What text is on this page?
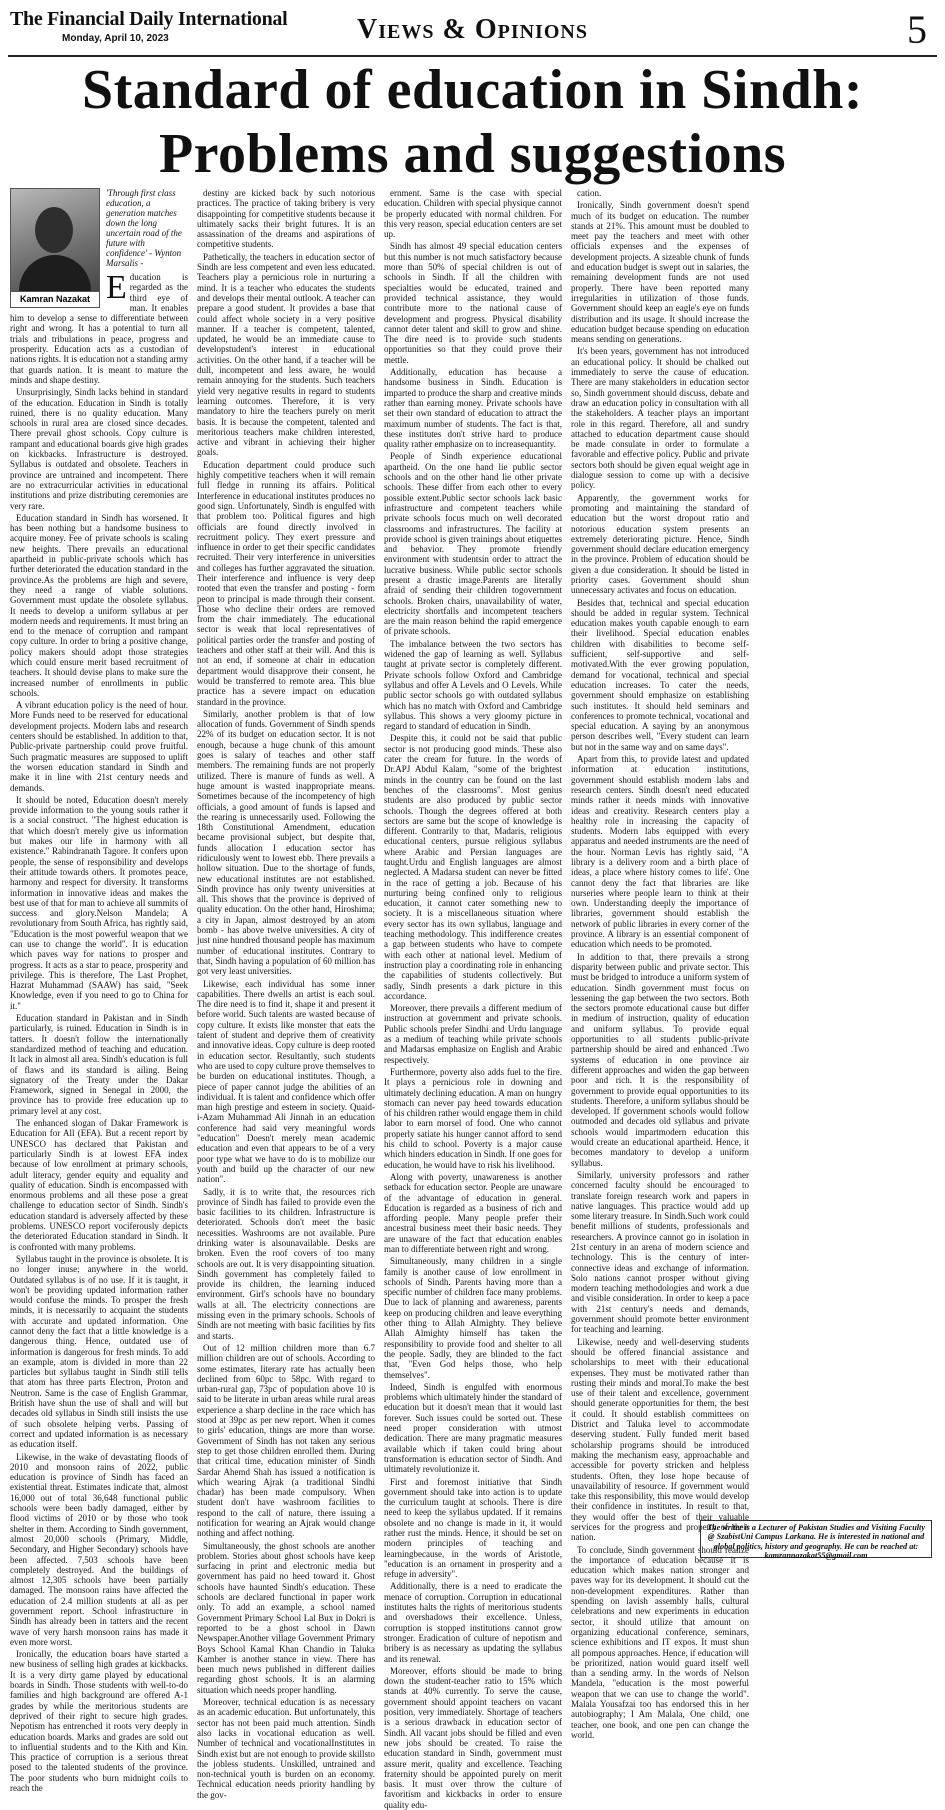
The Financial Daily International
Monday, April 10, 2023	Views & Opinions	5
Standard of education in Sindh:
Problems and suggestions
Kamran Nazakat
'Through first class education, a generation matches down the long uncertain road of the future with confidence' - Wynton Marsalis -

Education is regarded as the third eye of man. It enables him to develop a sense to differentiate between right and wrong. It has a potential to turn all trials and tribulations in peace, progress and prosperity. Education acts as a custodian of nations rights. It is education not a standing army that guards nation. It is meant to mature the minds and shape destiny.

Unsurprisingly, Sindh lacks behind in standard of the education. Education in Sindh is totally ruined, there is no quality education. Many schools in rural area are closed since decades. There prevail ghost schools. Copy culture is rampant and educational boards give high grades on kickbacks. Infrastructure is destroyed. Syllabus is outdated and obsolete. Teachers in province are untrained and incompetent. There are no extracurricular activities in educational institutions and prize distributing ceremonies are very rare.

Education standard in Sindh has worsened. It has been nothing but a handsome business to acquire money. Fee of private schools is scaling new heights. There prevails an educational apartheid in public-private schools which has further deteriorated the education standard in the province.As the problems are high and severe, they need a range of viable solutions. Government must update the obsolete syllabus. It needs to develop a uniform syllabus at per modern needs and requirements. It must bring an end to the menace of corruption and rampant copy culture. In order to bring a positive change, policy makers should adopt those strategies which could ensure merit based recruitment of teachers. It should devise plans to make sure the increased number of enrollments in public schools.

A vibrant education policy is the need of hour. More Funds need to be reserved for educational development projects. Modern labs and research centers should be established. In addition to that, Public-private partnership could prove fruitful. Such pragmatic measures are supposed to uplift the worsen education standard in Sindh and make it in line with 21st century needs and demands.

It should be noted, Education doesn't merely provide information to the young souls rather it is a social construct. "The highest education is that which doesn't merely give us information but makes our life in harmony with all existence." Rabindranath Tagore. It confers upon people, the sense of responsibility and develops their attitude towards others. It promotes peace, harmony and respect for diversity. It transforms information in innovative ideas and makes the best use of that for man to achieve all summits of success and glory.Nelson Mandela; A revolutionary from South Africa, has rightly said, "Education is the most powerful weapon that we can use to change the world". It is education which paves way for nations to prosper and progress. It acts as a star to peace, prosperity and privilege. This is therefore, The Last Prophet, Hazrat Muhammad (SAAW) has said, "Seek Knowledge, even if you need to go to China for it."

Education standard in Pakistan and in Sindh particularly, is ruined. Education in Sindh is in tatters. It doesn't follow the internationally standardized method of teaching and education. It lack in almost all area. Sindh's education is full of flaws and its standard is ailing. Being signatory of the Treaty under the Dakar Framework, signed in Senegal in 2000, the province has to provide free education up to primary level at any cost.

The enhanced slogan of Dakar Framework is Education for All (EFA). But a recent report by UNESCO has declared that Pakistan and particularly Sindh is at lowest EFA index because of low enrollment at primary schools, adult literacy, gender equity and equality and quality of education. Sindh is encompassed with enormous problems and all these pose a great challenge to education sector of Sindh. Sindh's education standard is adversely affected by these problems. UNESCO report vociferously depicts the deteriorated Education standard in Sindh. It is confronted with many problems.

Syllabus taught in the province is obsolete. It is no longer inuse; anywhere in the world. Outdated syllabus is of no use. If it is taught, it won't be providing updated information rather would confuse the minds. To prosper the fresh minds, it is necessarily to acquaint the students with accurate and updated information. One cannot deny the fact that a little knowledge is a dangerous thing. Hence, outdated use of information is dangerous for fresh minds. To add an example, atom is divided in more than 22 particles but syllabus taught in Sindh still tells that atom has three parts Electron, Proton and Neutron. Same is the case of English Grammar, British have shun the use of shall and will but decades old syllabus in Sindh still insists the use of such obsolete helping verbs. Passing of correct and updated information is as necessary as education itself.

Likewise, in the wake of devastating floods of 2010 and monsoon rains of 2022, public education is province of Sindh has faced an existential threat. Estimates indicate that, almost 16,000 out of total 36,648 functional public schools were been badly damaged, either by flood victims of 2010 or by those who took shelter in them. According to Sindh government, almost 20,000 schools (Primary, Middle, Secondary, and Higher Secondary) schools have been affected. 7,503 schools have been completely destroyed. And the buildings of almost 12,305 schools have been partially damaged. The monsoon rains have affected the education of 2.4 million students at all as per government report. School infrastructure in Sindh has already been in tatters and the recent wave of very harsh monsoon rains has made it even more worst.

Ironically, the education boars have started a new business of selling high grades at kickbacks. It is a very dirty game played by educational boards in Sindh. Those students with well-to-do families and high background are offered A-1 grades by while the meritorious students are deprived of their right to secure high grades. Nepotism has entrenched it roots very deeply in education boards. Marks and grades are sold out to influential students and to the Kith and Kin. This practice of corruption is a serious threat posed to the talented students of the province. The poor students who burn midnight coils to reach the

destiny are kicked back by such notorious practices. The practice of taking bribery is very disappointing for competitive students because it ultimately sacks their bright futures. It is an assassination of the dreams and aspirations of competitive students.

Pathetically, the teachers in education sector of Sindh are less competent and even less educated. Teachers play a pernicious role in nurturing a mind. It is a teacher who educates the students and develops their mental outlook. A teacher can prepare a good student. It provides a base that could affect whole society in a very positive manner. If a teacher is competent, talented, updated, he would be an immediate cause to developstudent's interest in educational activities. On the other hand, if a teacher will be dull, incompetent and less aware, he would remain annoying for the students. Such teachers yield very negative results in regard to students learning outcomes. Therefore, it is very mandatory to hire the teachers purely on merit basis. It is because the competent, talented and meritorious teachers make children interested, active and vibrant in achieving their higher goals.

Education department could produce such highly competitive teachers when it will remain full fledge in running its affairs. Political Interference in educational institutes produces no good sign. Unfortunately, Sindh is engulfed with that problem too. Political figures and high officials are found directly involved in recruitment policy. They exert pressure and influence in order to get their specific candidates recruited. Their very interference in universities and colleges has further aggravated the situation. Their interference and influence is very deep rooted that even the transfer and posting - form peon to principal is made through their consent. Those who decline their orders are removed from the chair immediately. The educational sector is weak that local representatives of political parties order the transfer and posting of teachers and other staff at their will. And this is not an end, if someone at chair in education department would disapprove their consent, he would be transferred to remote area. This blue practice has a severe impact on education standard in the province.

Similarly, another problem is that of low allocation of funds. Government of Sindh spends 22% of its budget on education sector. It is not enough, because a huge chunk of this amount goes is salary of teaches and other staff members. The remaining funds are not properly utilized. There is manure of funds as well. A huge amount is wasted inappropriate means. Sometimes because of the incompetency of high officials, a good amount of funds is lapsed and the rearing is unnecessarily used. Following the 18th Constitutional Amendment, education became provisional subject, but despite that, funds allocation I education sector has ridiculously went to lowest ebb. There prevails a hollow situation. Due to the shortage of funds, new educational institutes are not established. Sindh province has only twenty universities at all. This shows that the province is deprived of quality education. On the other hand, Hiroshima; a city in Japan, almost destroyed by an atom bomb - has above twelve universities. A city of just nine hundred thousand people has maximum number of educational institutes. Contrary to that, Sindh having a population of 60 million has got very least universities.

Likewise, each individual has some inner capabilities. There dwells an artist is each soul. The dire need is to find it, shape it and present it before world. Such talents are wasted because of copy culture. It exists like monster that eats the talent of student and deprive them of creativity and innovative ideas. Copy culture is deep rooted in education sector. Resultantly, such students who are used to copy culture prove themselves to be burden on educational institutes. Though, a piece of paper cannot judge the abilities of an individual. It is talent and confidence which offer man high prestige and esteem in society. Quaid-i-Azam Muhammad Ali Jinnah in an education conference had said very meaningful words "education" Doesn't merely mean academic education and even that appears to be of a very poor type what we have to do is to mobilize our youth and build up the character of our new nation".

Sadly, it is to write that, the resources rich province of Sindh has failed to provide even the basic facilities to its children. Infrastructure is deteriorated. Schools don't meet the basic necessities. Washrooms are not available. Pure drinking water is alsounavailable. Desks are broken. Even the roof covers of too many schools are out. It is very disappointing situation. Sindh government has completely failed to provide its children, the learning induced environment. Girl's schools have no boundary walls at all. The electricity connections are missing even in the primary schools. Schools of Sindh are not meeting with basic facilities by fits and starts.

Out of 12 million children more than 6.7 million children are out of schools. According to some estimates, literary rate has actually been declined from 60pc to 58pc. With regard to urban-rural gap, 73pc of population above 10 is said to be literate in urban areas while rural areas experience a sharp decline in the race which has stood at 39pc as per new report. When it comes to girls' education, things are more than worse. Government of Sindh has not taken any serious step to get those children enrolled them. During that critical time, education minister of Sindh Sardar Ahemd Shah has issued a notification is which wearing Ajrak (a traditional Sindhi chadar) has been made compulsory. When student don't have washroom facilities to respond to the call of nature, there issuing a notification for wearing an Ajrak would change nothing and affect nothing.

Simultaneously, the ghost schools are another problem. Stories about ghost schools have keep surfacing in print and electronic media but government has paid no heed toward it. Ghost schools have haunted Sindh's education. These schools are declared functional in paper work only. To add an example, a school named Government Primary School Lal Bux in Dokri is reported to be a ghost school in Dawn Newspaper.Another village Government Primary Boys School Kamal Khan Chandio in Taluka Kamber is another stance in view. There has been much news published in different dailies regarding ghost schools. It is an alarming situation which needs proper handling.

Moreover, technical education is as necessary as an academic education. But unfortunately, this sector has not been paid much attention. Sindh also lacks in vocational education as well. Number of technical and vocationalInstitutes in Sindh exist but are not enough to provide skillsto the jobless students. Unskilled, untrained and non-technical youth is burden on an economy. Technical education needs priority handling by the gov-

ernment. Same is the case with special education. Children with special physique cannot be properly educated with normal children. For this very reason, special education centers are set up.

Sindh has almost 49 special education centers but this number is not much satisfactory because more than 50% of special children is out of schools in Sindh. If all the children with specialties would be educated, trained and provided technical assistance, they would contribute more to the national cause of development and progress. Physical disability cannot deter talent and skill to grow and shine. The dire need is to provide such students opportunities so that they could prove their mettle.

Additionally, education has because a handsome business in Sindh. Education is imparted to produce the sharp and creative minds rather than earning money. Private schools have set their own standard of education to attract the maximum number of students. The fact is that, these institutes don't strive hard to produce quality rather emphasize on to increasequantity.

People of Sindh experience educational apartheid. On the one hand lie public sector schools and on the other hand lie other private schools. These differ from each other to every possible extent.Public sector schools lack basic infrastructure and competent teachers while private schools focus much on well decorated classrooms and infrastructures. The facility at provide school is given trainings about etiquettes and behavior. They promote friendly environment with studentsin order to attract the lucrative business. While public sector schools present a drastic image.Parents are literally afraid of sending their children togovernment schools. Broken chairs, unavailability of water, electricity shortfalls and incompetent teachers are the main reason behind the rapid emergence of private schools.

The imbalance between the two sectors has widened the gap of learning as well. Syllabus taught at private sector is completely different. Private schools follow Oxford and Cambridge syllabus and offer A Levels and O Levels. While public sector schools go with outdated syllabus which has no match with Oxford and Cambridge syllabus. This shows a very gloomy picture in regard to standard of education in Sindh.

Despite this, it could not be said that public sector is not producing good minds. These also cater the cream for future. In the words of Dr.APJ Abdul Kalam, "some of the brightest minds in the country can be found on the last benches of the classrooms". Most genius students are also produced by public sector schools. Though the degrees offered at both sectors are same but the scope of knowledge is different. Contrarily to that, Madaris, religious educational centers, pursue religious syllabus where Arabic and Persian languages are taught.Urdu and English languages are almost neglected. A Madarsa student can never be fitted in the race of getting a job. Because of his nurturing being confined only to religious education, it cannot cater something new to society. It is a miscellaneous situation where every sector has its own syllabus, language and teaching methodology. This indifference creates a gap between students who have to compete with each other at national level. Medium of instruction play a coordinating role in enhancing the capabilities of students collectively. But sadly, Sindh presents a dark picture in this accordance.

Moreover, there prevails a different medium of instruction at government and private schools. Public schools prefer Sindhi and Urdu language as a medium of teaching while private schools and Madarsas emphasize on English and Arabic respectively.

Furthermore, poverty also adds fuel to the fire. It plays a pernicious role in downing and ultimately declining education. A man on hungry stomach can never pay heed towards education of his children rather would engage them in child labor to earn morsel of food. One who cannot properly satiate his hunger cannot afford to send his child to school. Poverty is a major cause which hinders education in Sindh. If one goes for education, he would have to risk his livelihood.

Along with poverty, unawareness is another setback for education sector. People are unaware of the advantage of education in general. Education is regarded as a business of rich and affording people. Many people prefer their ancestral business meet their basic needs. They are unaware of the fact that education enables man to differentiate between right and wrong.

Simultaneously, many children in a single family is another cause of low enrollment in schools of Sindh. Parents having more than a specific number of children face many problems. Due to lack of planning and awareness, parents keep on producing children and leave everything other thing to Allah Almighty. They believe Allah Almighty himself has taken the responsibility to provide food and shelter to all the people. Sadly, they are blinded to the fact that, "Even God helps those, who help themselves".

Indeed, Sindh is engulfed with enormous problems which ultimately hinder the standard of education but it doesn't mean that it would last forever. Such issues could be sorted out. These need proper consideration with utmost dedication. There are many pragmatic measures available which if taken could bring about transformation is education sector of Sindh. And ultimately revolutionize it.

First and foremost initiative that Sindh government should take into action is to update the curriculum taught at schools. There is dire need to keep the syllabus updated. If it remains obsolete and no change is made in it, it would rather rust the minds. Hence, it should be set on modern principles of teaching and learningbecause, in the words of Aristotle, "education is an ornament in prosperity and a refuge in adversity".

Additionally, there is a need to eradicate the menace of corruption. Corruption in educational institutes halts the rights of meritorious students and overshadows their excellence. Unless, corruption is stopped institutions cannot grow stronger. Eradication of culture of nepotism and bribery is as necessary as updating the syllabus and its renewal.

Moreover, efforts should be made to bring down the student-teacher ratio to 15% which stands at 40% currently. To serve the cause, government should appoint teachers on vacant position, very immediately. Shortage of teachers is a serious drawback in education sector of Sindh. All vacant jobs should be filled and even new jobs should be created. To raise the education standard in Sindh, government must assure merit, quality and excellence. Teaching fraternity should be appointed purely on merit basis. It must over throw the culture of favoritism and kickbacks in order to ensure quality edu-

cation.

Ironically, Sindh government doesn't spend much of its budget on education. The number stands at 21%. This amount must be doubled to meet pay the teachers and meet with other officials expenses and the expenses of development projects. A sizeable chunk of funds and education budget is swept out in salaries, the remaining development funds are not used properly. There have been reported many irregularities in utilization of those funds. Government should keep an eagle's eye on funds distribution and its usage. It should increase the education budget because spending on education means sending on generations.

It's been years, government has not introduced an educational policy. It should be chalked out immediately to serve the cause of education. There are many stakeholders in education sector so, Sindh government should discuss, debate and draw an education policy in consultation with all the stakeholders. A teacher plays an important role in this regard. Therefore, all and sundry attached to education department cause should be made consulate in order to formulate a favorable and effective policy. Public and private sectors both should be given equal weight age in dialogue session to come up with a decisive policy.

Apparently, the government works for promoting and maintaining the standard of education but the worst dropout ratio and notorious education system presents an extremely deteriorating picture. Hence, Sindh government should declare education emergency in the province. Problem of education should be given a due consideration. It should be listed in priority cases. Government should shun unnecessary activates and focus on education.

Besides that, technical and special education should be added in regular system. Technical education makes youth capable enough to earn their livelihood. Special education enables children with disabilities to become self-sufficient, self-supportive and self-motivated.With the ever growing population, demand for vocational, technical and special education increases. To cater the needs, government should emphasize on establishing such institutes. It should held seminars and conferences to promote technical, vocational and special education. A saying by an anonymous person describes well, "Every student can learn but not in the same way and on same days".

Apart from this, to provide latest and updated information at education institutions, government should establish modern labs and research centers. Sindh doesn't need educated minds rather it needs minds with innovative ideas and creativity. Research centers play a healthy role in increasing the capacity of students. Modern labs equipped with every apparatus and needed instruments are the need of the hour. Norman Levis has rightly said, "A library is a delivery room and a birth place of ideas, a place where history comes to life'. One cannot deny the fact that libraries are like nurseries where people learn to think at their own. Understanding deeply the importance of libraries, government should establish the network of public libraries in every corner of the province. A library is an essential component of education which needs to be promoted.

In addition to that, there prevails a strong disparity between public and private sector. This must be bridged to introduce a uniform system of education. Sindh government must focus on lessening the gap between the two sectors. Both the sectors promote educational cause but differ in medium of instruction, quality of education and uniform syllabus. To provide equal opportunities to all students public-private partnership should be aired and enhanced .Two systems of education in one province air different approaches and widen the gap between poor and rich. It is the responsibility of government to provide equal opportunities to its students. Therefore, a uniform syllabus should be developed. If government schools would follow outmoded and decades old syllabus and private schools would impartmodern education this would create an educational apartheid. Hence, it becomes mandatory to develop a uniform syllabus.

Similarly, university professors and rather concerned faculty should be encouraged to translate foreign research work and papers in native languages. This practice would add up some literary treasure. In Sindh.Such work could benefit millions of students, professionals and researchers. A province cannot go in isolation in 21st century in an arena of modern science and technology. This is the century of inter-connective ideas and exchange of information. Solo nations cannot prosper without giving modern teaching methodologies and work a due and visible consideration. In order to keep a pace with 21st century's needs and demands, government should promote better environment for teaching and learning.

Likewise, needy and well-deserving students should be offered financial assistance and scholarships to meet with their educational expenses. They must be motivated rather than rusting their minds and moral.To make the best use of their talent and excellence, government should generate opportunities for them, the best it could. It should establish committees on District and Taluka level to accommodate deserving student. Fully funded merit based scholarship programs should be introduced making the mechanism easy, approachable and accessible for poverty stricken and helpless students. Often, they lose hope because of unavailability of resource. If government would take this responsibility, this move would develop their confidence in institutes. In result to that, they would offer the best of their valuable services for the progress and property of their nation.

To conclude, Sindh government should realize the importance of education because it is education which makes nation stronger and paves way for its development. It should cut the non-development expenditures. Rather than spending on lavish assembly halls, cultural celebrations and new experiments in education sector, it should utilize that amount on organizing educational conference, seminars, science exhibitions and IT expos. It must shun all pompous approaches. Hence, if education will be prioritized, nation would guard itself well than a sending army. In the words of Nelson Mandela, "education is the most powerful weapon that we can use to change the world". Malala Yousafzai too has endorsed this in her autobiography; I Am Malala, One child, one teacher, one book, and one pen can change the world.

The writer is a Lecturer of Pakistan Studies and Visiting Faculty @ SzabistUni Campus Larkana. He is interested in national and global politics, history and geography. He can be reached at: kamrannazakat55@gmail.com
